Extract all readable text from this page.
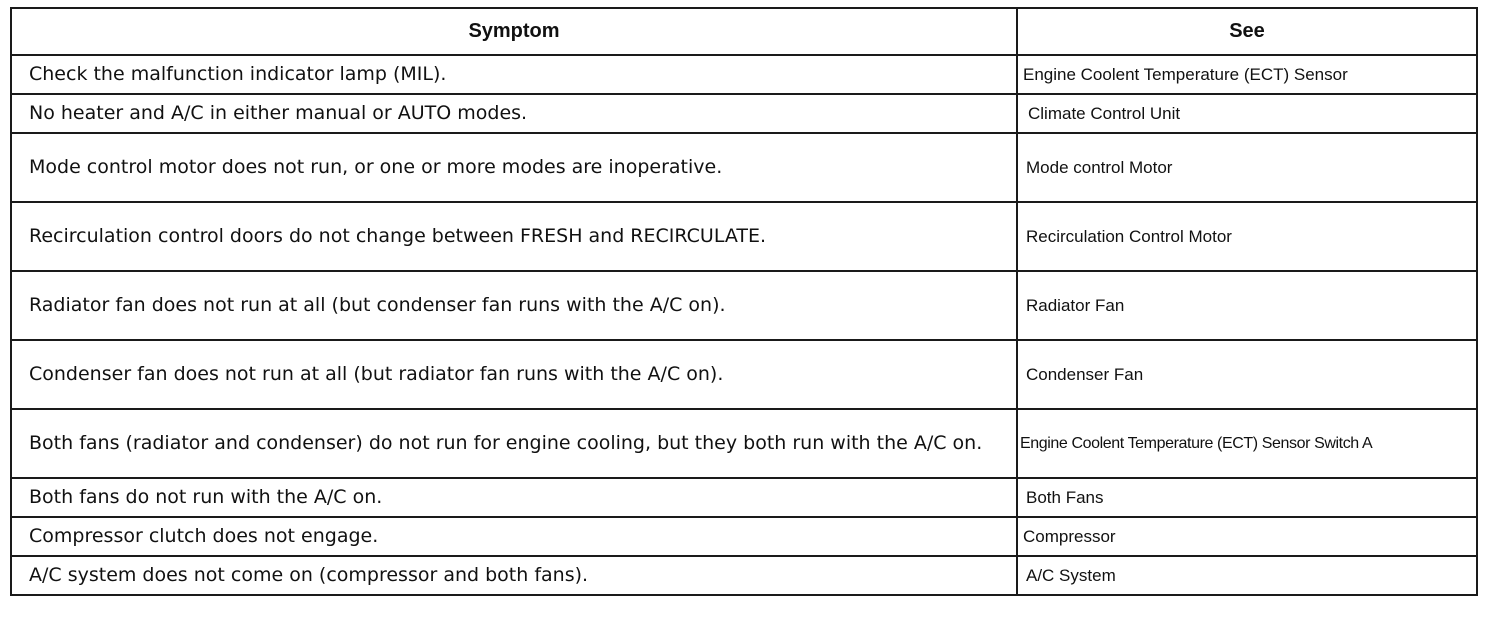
Symptom	See
Check the malfunction indicator lamp (MIL).	Engine Coolent Temperature (ECT) Sensor
No heater and A/C in either manual or AUTO modes.	Climate Control Unit
Mode control motor does not run, or one or more modes are inoperative.	Mode control Motor
Recirculation control doors do not change between FRESH and RECIRCULATE.	Recirculation Control Motor
Radiator fan does not run at all (but condenser fan runs with the A/C on).	Radiator Fan
Condenser fan does not run at all (but radiator fan runs with the A/C on).	Condenser Fan
Both fans (radiator and condenser) do not run for engine cooling, but they both run with the A/C on.	Engine Coolent Temperature (ECT) Sensor Switch A
Both fans do not run with the A/C on.	Both Fans
Compressor clutch does not engage.	Compressor
A/C system does not come on (compressor and both fans).	A/C System
